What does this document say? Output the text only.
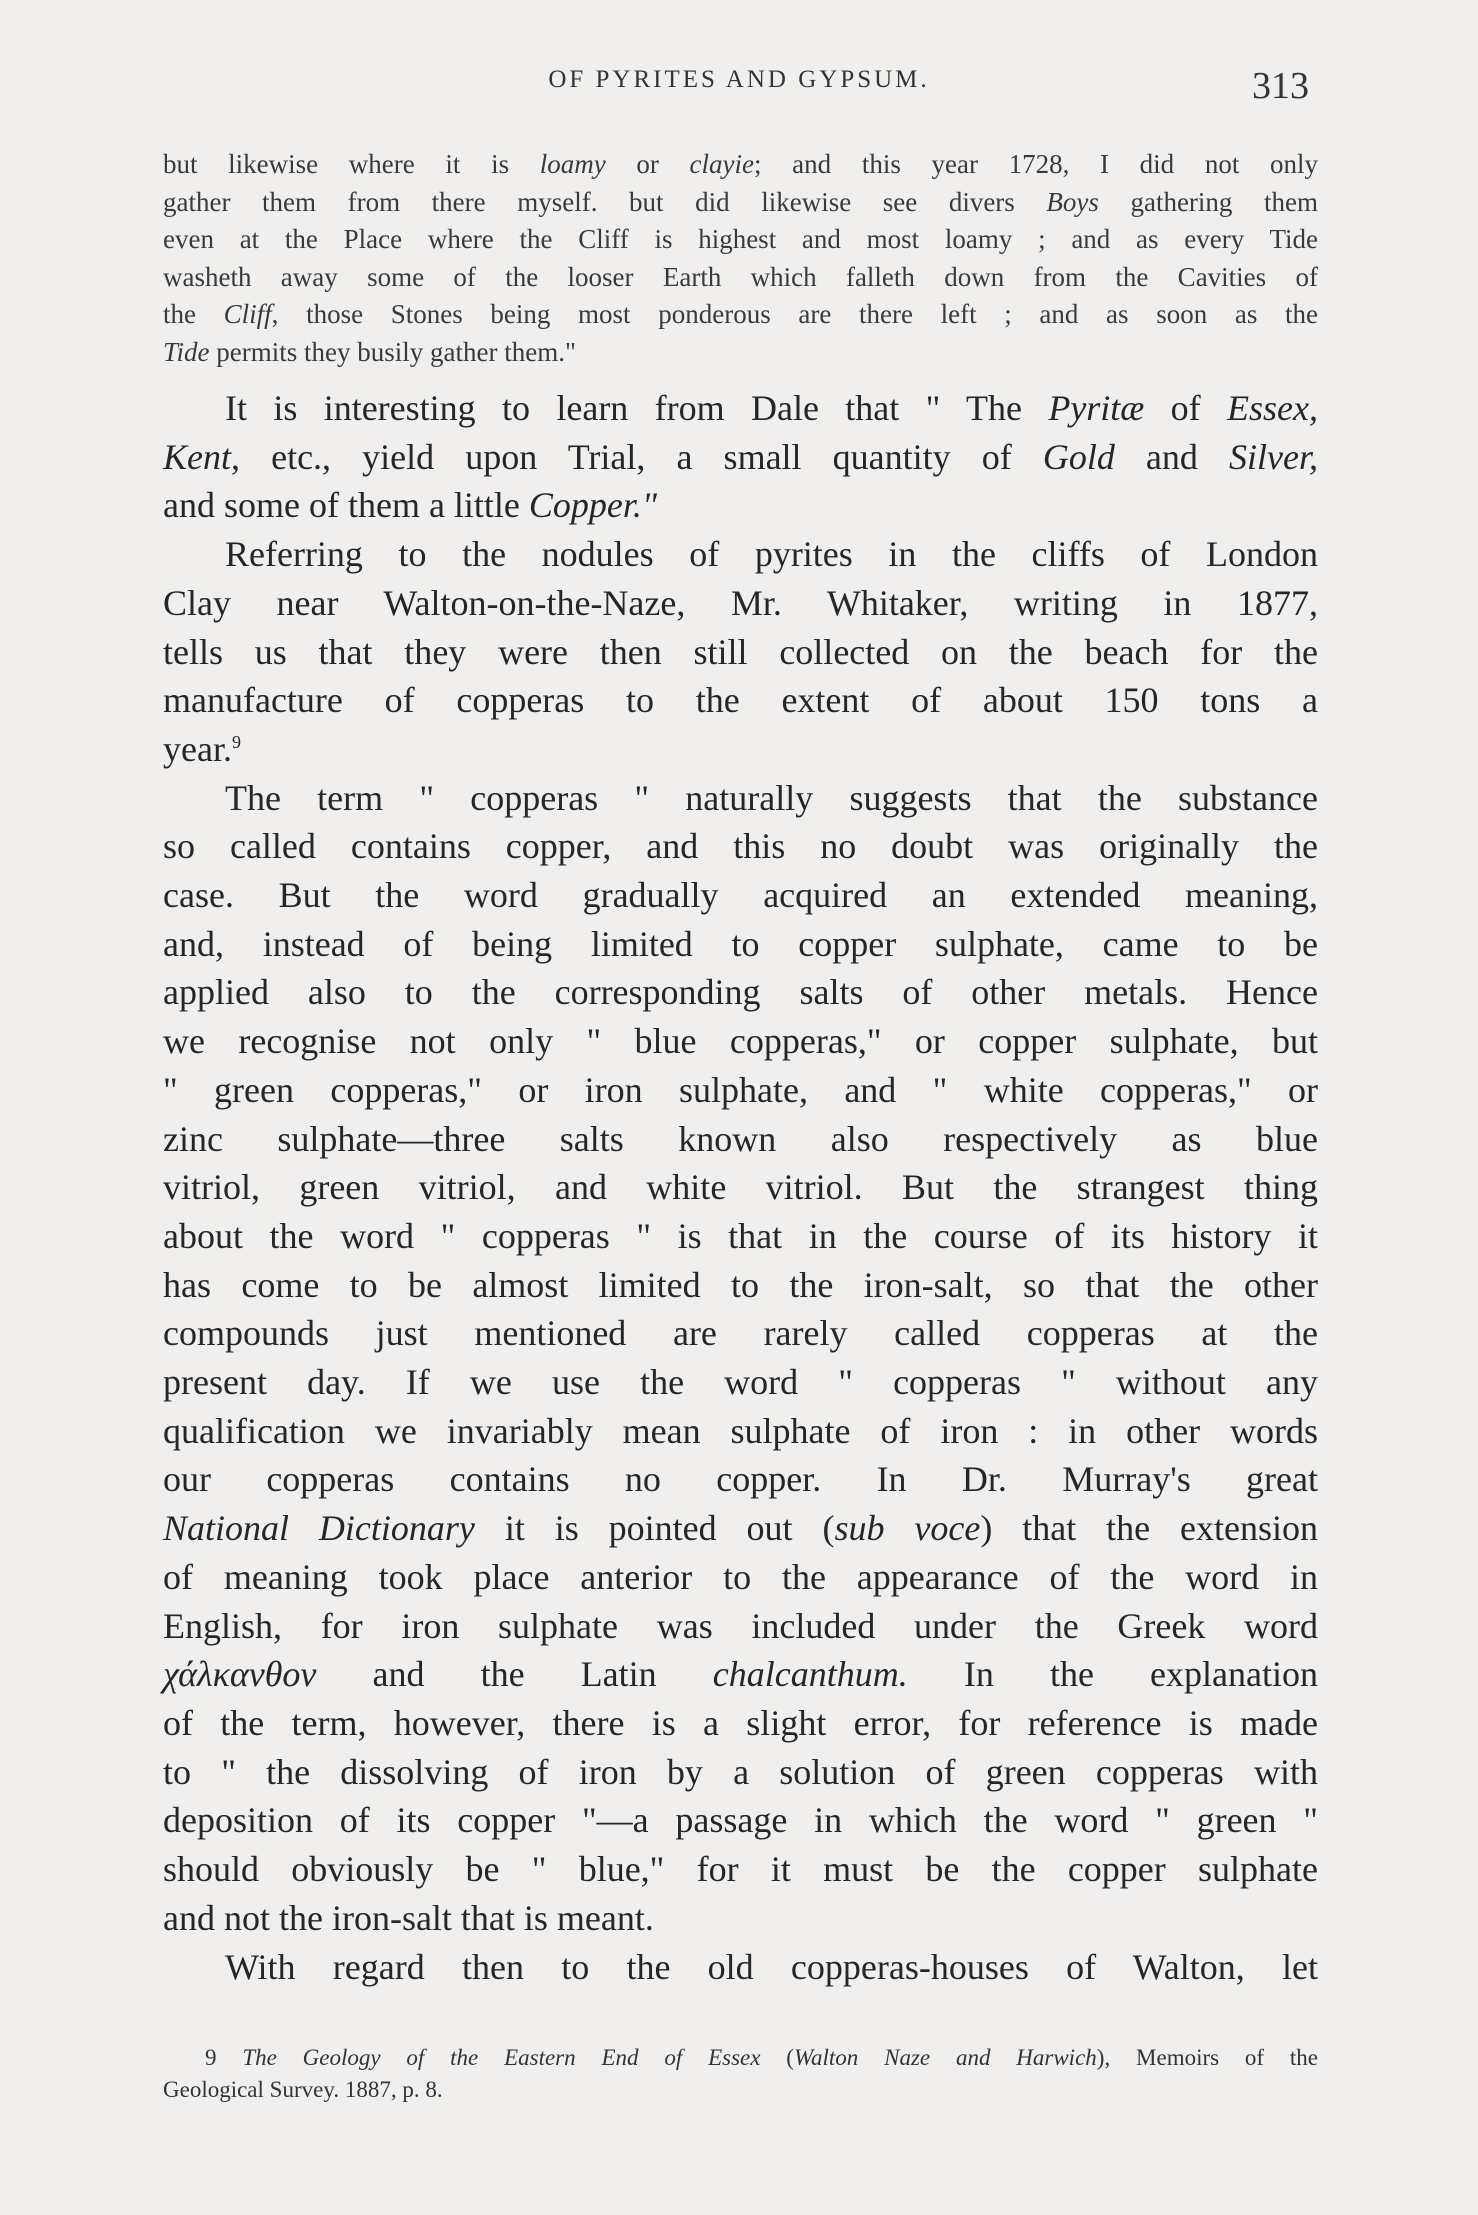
OF PYRITES AND GYPSUM.	313
but likewise where it is loamy or clayie; and this year 1728, I did not only
gather them from there myself. but did likewise see divers Boys gathering them
even at the Place where the Cliff is highest and most loamy ; and as every Tide
washeth away some of the looser Earth which falleth down from the Cavities of
the Cliff, those Stones being most ponderous are there left ; and as soon as the
Tide permits they busily gather them."
It is interesting to learn from Dale that " The Pyritæ of Essex,
Kent, etc., yield upon Trial, a small quantity of Gold and Silver,
and some of them a little Copper."
Referring to the nodules of pyrites in the cliffs of London
Clay near Walton-on-the-Naze, Mr. Whitaker, writing in 1877,
tells us that they were then still collected on the beach for the
manufacture of copperas to the extent of about 150 tons a
year.$^9$
The term " copperas " naturally suggests that the substance
so called contains copper, and this no doubt was originally the
case. But the word gradually acquired an extended meaning,
and, instead of being limited to copper sulphate, came to be
applied also to the corresponding salts of other metals. Hence
we recognise not only " blue copperas," or copper sulphate, but
" green copperas," or iron sulphate, and " white copperas," or
zinc sulphate—three salts known also respectively as blue
vitriol, green vitriol, and white vitriol. But the strangest thing
about the word " copperas " is that in the course of its history it
has come to be almost limited to the iron-salt, so that the other
compounds just mentioned are rarely called copperas at the
present day. If we use the word " copperas " without any
qualification we invariably mean sulphate of iron : in other words
our copperas contains no copper. In Dr. Murray's great
National Dictionary it is pointed out (sub voce) that the extension
of meaning took place anterior to the appearance of the word in
English, for iron sulphate was included under the Greek word
χάλκανθον and the Latin chalcanthum. In the explanation
of the term, however, there is a slight error, for reference is made
to " the dissolving of iron by a solution of green copperas with
deposition of its copper "—a passage in which the word " green "
should obviously be " blue," for it must be the copper sulphate
and not the iron-salt that is meant.
With regard then to the old copperas-houses of Walton, let
9 The Geology of the Eastern End of Essex (Walton Naze and Harwich), Memoirs of the
Geological Survey. 1887, p. 8.
